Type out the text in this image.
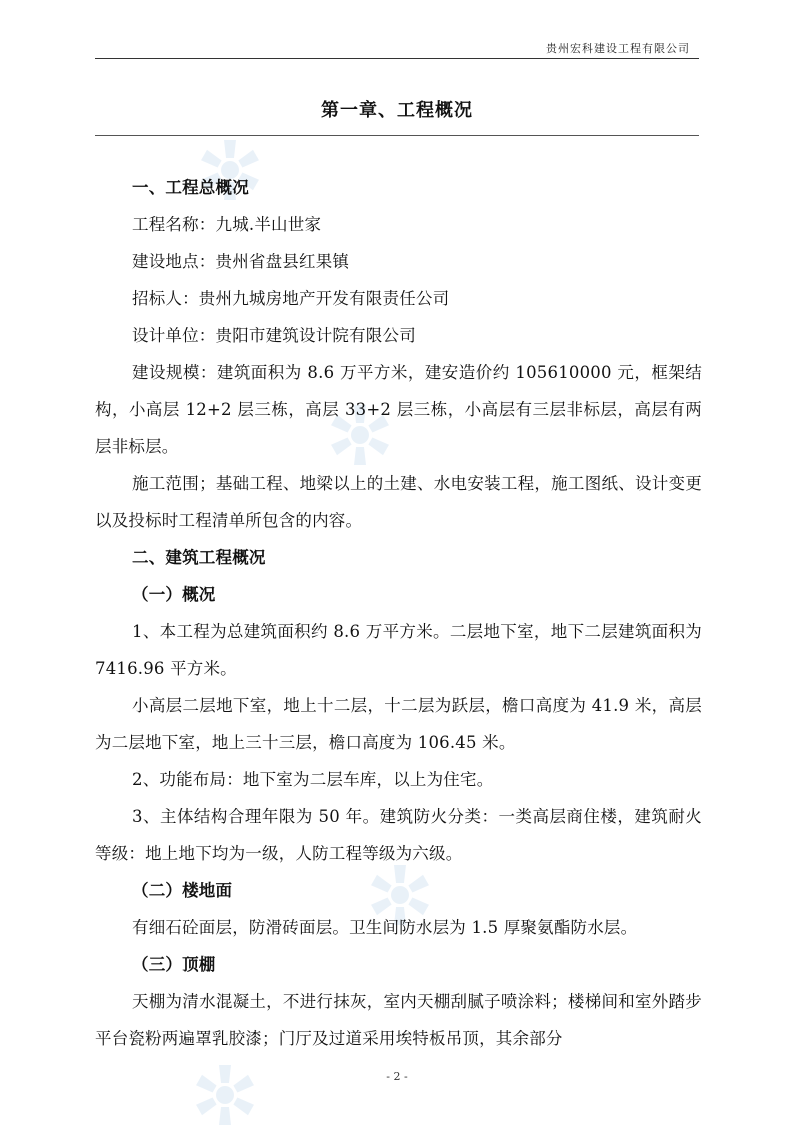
贵州宏科建设工程有限公司
第一章、工程概况

一、工程总概况

工程名称：九城.半山世家

建设地点：贵州省盘县红果镇

招标人：贵州九城房地产开发有限责任公司

设计单位：贵阳市建筑设计院有限公司

建设规模：建筑面积为 8.6 万平方米，建安造价约 105610000 元，框架结构，小高层 12+2 层三栋，高层 33+2 层三栋，小高层有三层非标层，高层有两层非标层。

施工范围；基础工程、地梁以上的土建、水电安装工程，施工图纸、设计变更以及投标时工程清单所包含的内容。

二、建筑工程概况

（一）概况

1、本工程为总建筑面积约 8.6 万平方米。二层地下室，地下二层建筑面积为 7416.96 平方米。

小高层二层地下室，地上十二层，十二层为跃层，檐口高度为 41.9 米，高层为二层地下室，地上三十三层，檐口高度为 106.45 米。

2、功能布局：地下室为二层车库，以上为住宅。

3、主体结构合理年限为 50 年。建筑防火分类：一类高层商住楼，建筑耐火等级：地上地下均为一级，人防工程等级为六级。

（二）楼地面

有细石砼面层，防滑砖面层。卫生间防水层为 1.5 厚聚氨酯防水层。

（三）顶棚

天棚为清水混凝土，不进行抹灰，室内天棚刮腻子喷涂料；楼梯间和室外踏步平台瓷粉两遍罩乳胶漆；门厅及过道采用埃特板吊顶，其余部分

- 2 -
